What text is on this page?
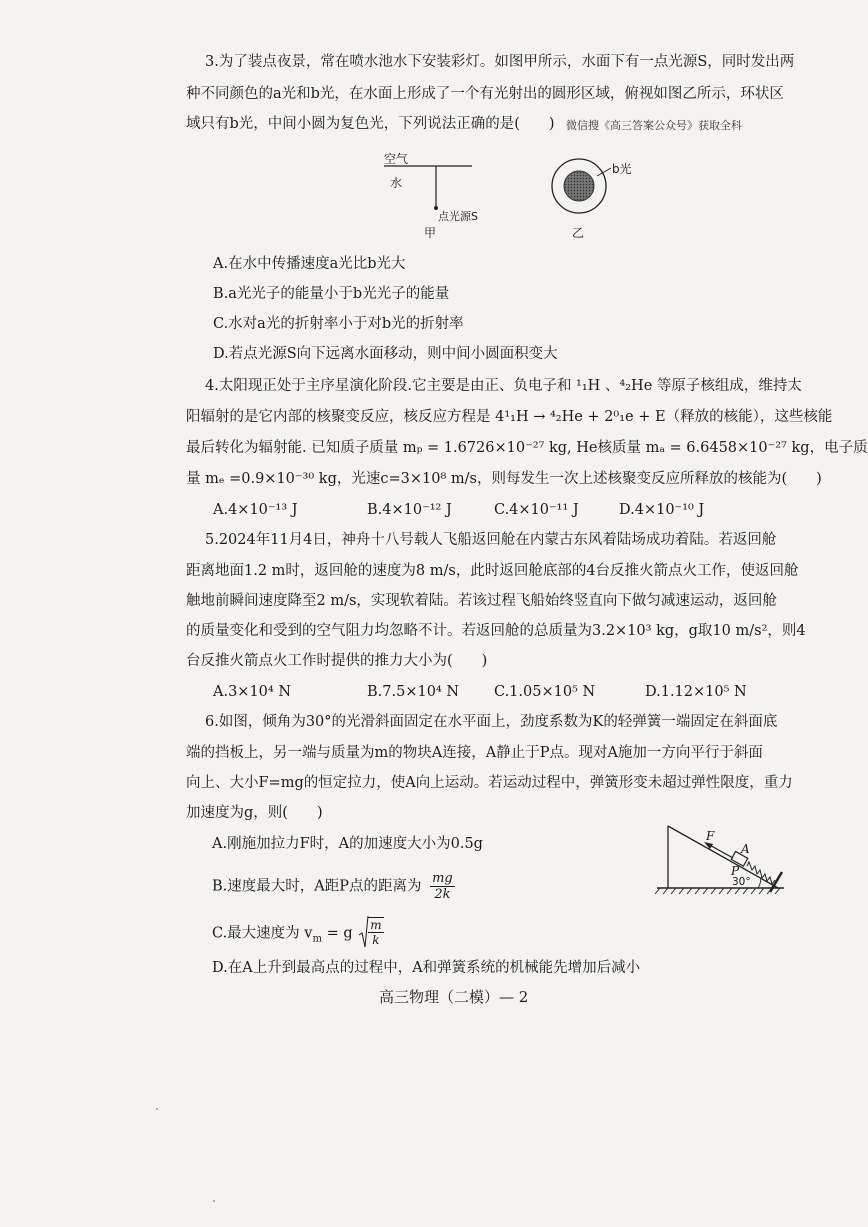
3.为了装点夜景，常在喷水池水下安装彩灯。如图甲所示，水面下有一点光源S，同时发出两
种不同颜色的a光和b光，在水面上形成了一个有光射出的圆形区域，俯视如图乙所示，环状区
域只有b光，中间小圆为复色光，下列说法正确的是(　　) 微信搜《高三答案公众号》获取全科
空气
水
点光源S
甲
b光
乙
A.在水中传播速度a光比b光大
B.a光光子的能量小于b光光子的能量
C.水对a光的折射率小于对b光的折射率
D.若点光源S向下远离水面移动，则中间小圆面积变大
4.太阳现正处于主序星演化阶段.它主要是由正、负电子和 ¹₁H 、⁴₂He 等原子核组成，维持太
阳辐射的是它内部的核聚变反应，核反应方程是 4¹₁H → ⁴₂He + 2⁰₁e + E（释放的核能），这些核能
最后转化为辐射能. 已知质子质量 mₚ = 1.6726×10⁻²⁷ kg, He核质量 mₐ = 6.6458×10⁻²⁷ kg，电子质
量 mₑ =0.9×10⁻³⁰ kg，光速c=3×10⁸ m/s，则每发生一次上述核聚变反应所释放的核能为(　　)
A.4×10⁻¹³ J	B.4×10⁻¹² J	C.4×10⁻¹¹ J	D.4×10⁻¹⁰ J
5.2024年11月4日，神舟十八号载人飞船返回舱在内蒙古东风着陆场成功着陆。若返回舱
距离地面1.2 m时，返回舱的速度为8 m/s，此时返回舱底部的4台反推火箭点火工作，使返回舱
触地前瞬间速度降至2 m/s，实现软着陆。若该过程飞船始终竖直向下做匀减速运动，返回舱
的质量变化和受到的空气阻力均忽略不计。若返回舱的总质量为3.2×10³ kg，g取10 m/s²，则4
台反推火箭点火工作时提供的推力大小为(　　)
A.3×10⁴ N	B.7.5×10⁴ N C.1.05×10⁵ N	D.1.12×10⁵ N
6.如图，倾角为30°的光滑斜面固定在水平面上，劲度系数为K的轻弹簧一端固定在斜面底
端的挡板上，另一端与质量为m的物块A连接，A静止于P点。现对A施加一方向平行于斜面
向上、大小F=mg的恒定拉力，使A向上运动。若运动过程中，弹簧形变未超过弹性限度，重力
加速度为g，则(　　)
A.刚施加拉力F时，A的加速度大小为0.5g
B.速度最大时，A距P点的距离为 $\frac{mg}{2k}$
C.最大速度为 $v_m = g \frac{m}{k}$
D.在A上升到最高点的过程中，A和弹簧系统的机械能先增加后减小
F
A
P
30°
高三物理（二模）— 2
